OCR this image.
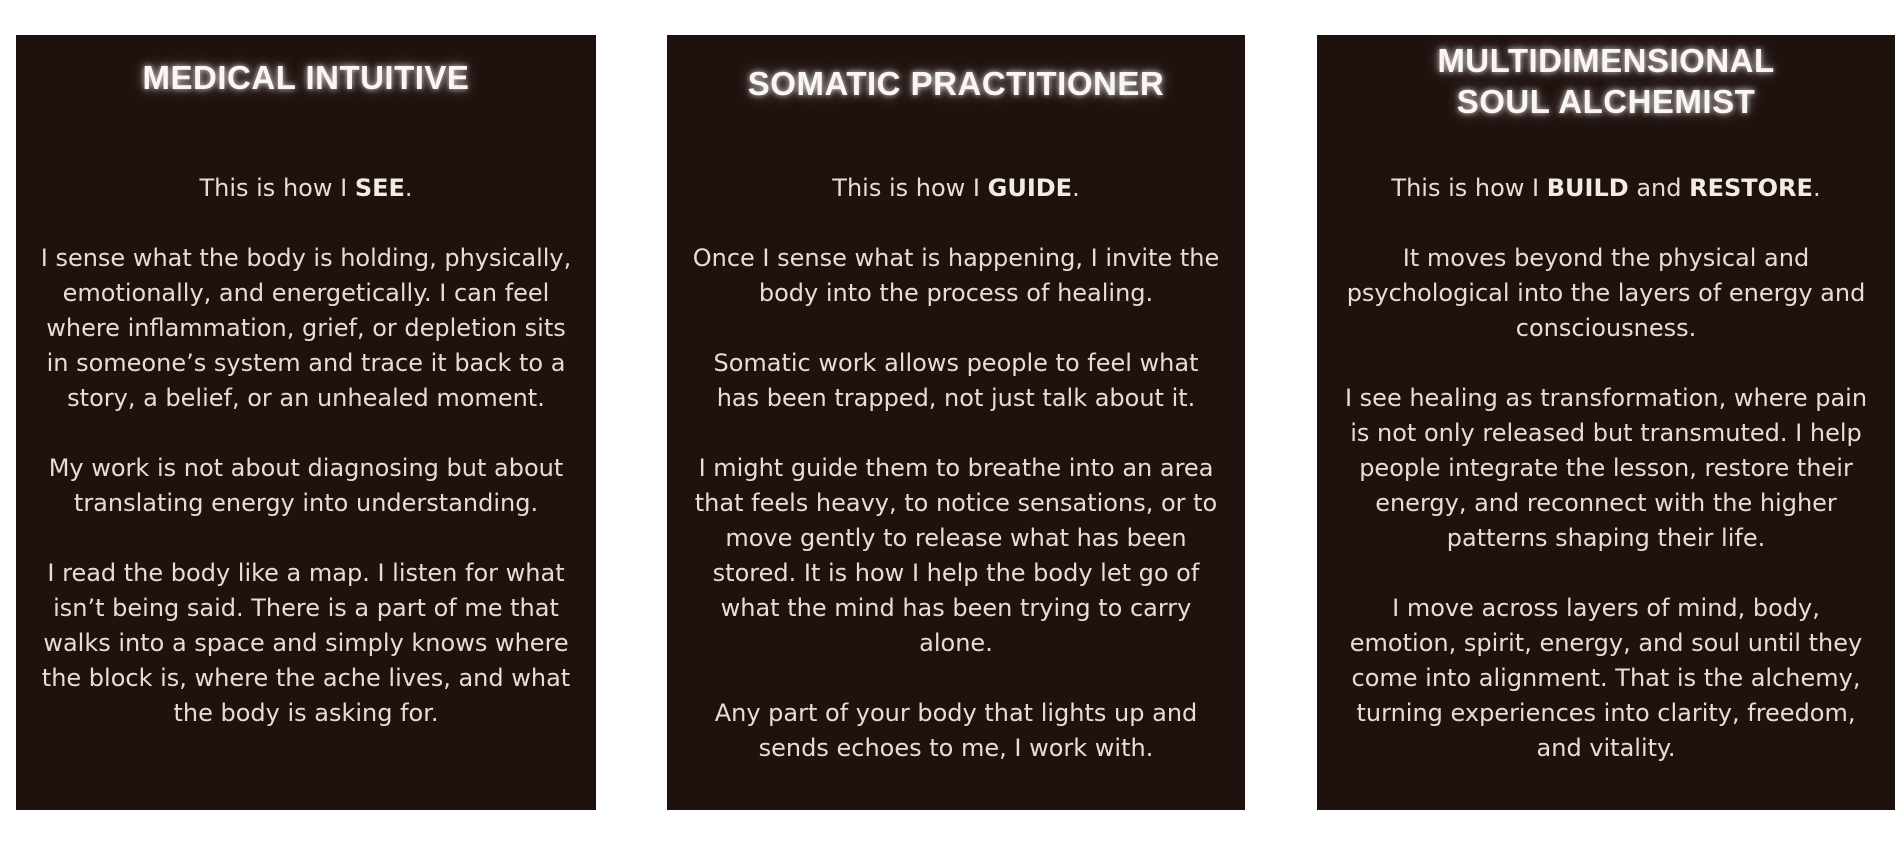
MEDICAL INTUITIVE

This is how I SEE.

I sense what the body is holding, physically, emotionally, and energetically. I can feel where inflammation, grief, or depletion sits in someone’s system and trace it back to a story, a belief, or an unhealed moment.

My work is not about diagnosing but about translating energy into understanding.

I read the body like a map. I listen for what isn’t being said. There is a part of me that walks into a space and simply knows where the block is, where the ache lives, and what the body is asking for.

SOMATIC PRACTITIONER

This is how I GUIDE.

Once I sense what is happening, I invite the body into the process of healing.

Somatic work allows people to feel what has been trapped, not just talk about it.

I might guide them to breathe into an area that feels heavy, to notice sensations, or to move gently to release what has been stored. It is how I help the body let go of what the mind has been trying to carry alone.

Any part of your body that lights up and sends echoes to me, I work with.

MULTIDIMENSIONAL
SOUL ALCHEMIST

This is how I BUILD and RESTORE.

It moves beyond the physical and psychological into the layers of energy and consciousness.

I see healing as transformation, where pain is not only released but transmuted. I help people integrate the lesson, restore their energy, and reconnect with the higher patterns shaping their life.

I move across layers of mind, body, emotion, spirit, energy, and soul until they come into alignment. That is the alchemy, turning experiences into clarity, freedom, and vitality.
